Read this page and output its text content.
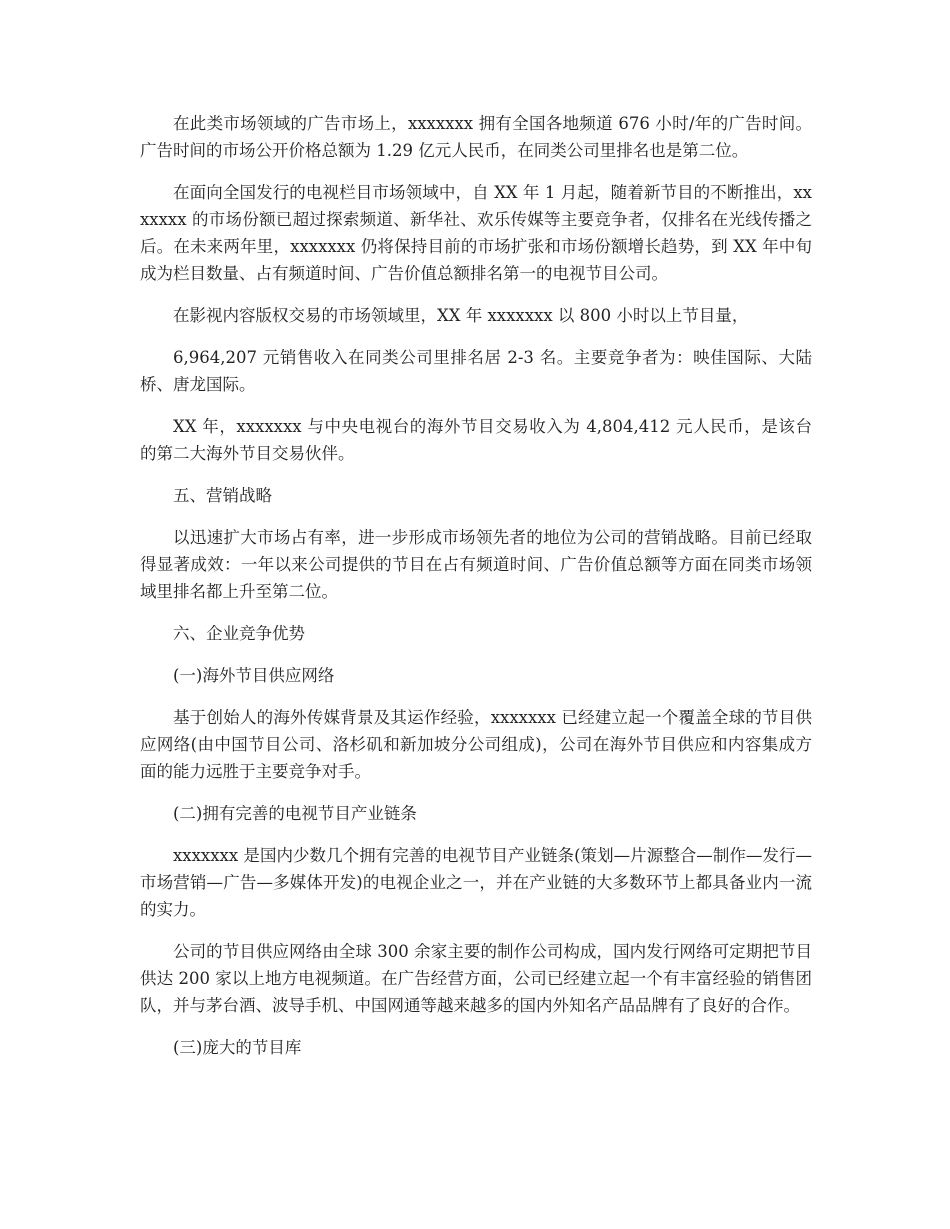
在此类市场领域的广告市场上，xxxxxxx 拥有全国各地频道 676 小时/年的广告时间。广告时间的市场公开价格总额为 1.29 亿元人民币，在同类公司里排名也是第二位。

在面向全国发行的电视栏目市场领域中，自 XX 年 1 月起，随着新节目的不断推出，xxxxxxx 的市场份额已超过探索频道、新华社、欢乐传媒等主要竞争者，仅排名在光线传播之后。在未来两年里，xxxxxxx 仍将保持目前的市场扩张和市场份额增长趋势，到 XX 年中旬成为栏目数量、占有频道时间、广告价值总额排名第一的电视节目公司。

在影视内容版权交易的市场领域里，XX 年 xxxxxxx 以 800 小时以上节目量，

6,964,207 元销售收入在同类公司里排名居 2-3 名。主要竞争者为：映佳国际、大陆桥、唐龙国际。

XX 年，xxxxxxx 与中央电视台的海外节目交易收入为 4,804,412 元人民币，是该台的第二大海外节目交易伙伴。

五、营销战略

以迅速扩大市场占有率，进一步形成市场领先者的地位为公司的营销战略。目前已经取得显著成效：一年以来公司提供的节目在占有频道时间、广告价值总额等方面在同类市场领域里排名都上升至第二位。

六、企业竞争优势

(一)海外节目供应网络

基于创始人的海外传媒背景及其运作经验，xxxxxxx 已经建立起一个覆盖全球的节目供应网络(由中国节目公司、洛杉矶和新加坡分公司组成)，公司在海外节目供应和内容集成方面的能力远胜于主要竞争对手。

(二)拥有完善的电视节目产业链条

xxxxxxx 是国内少数几个拥有完善的电视节目产业链条(策划—片源整合—制作—发行—市场营销—广告—多媒体开发)的电视企业之一，并在产业链的大多数环节上都具备业内一流的实力。

公司的节目供应网络由全球 300 余家主要的制作公司构成，国内发行网络可定期把节目供达 200 家以上地方电视频道。在广告经营方面，公司已经建立起一个有丰富经验的销售团队，并与茅台酒、波导手机、中国网通等越来越多的国内外知名产品品牌有了良好的合作。

(三)庞大的节目库
